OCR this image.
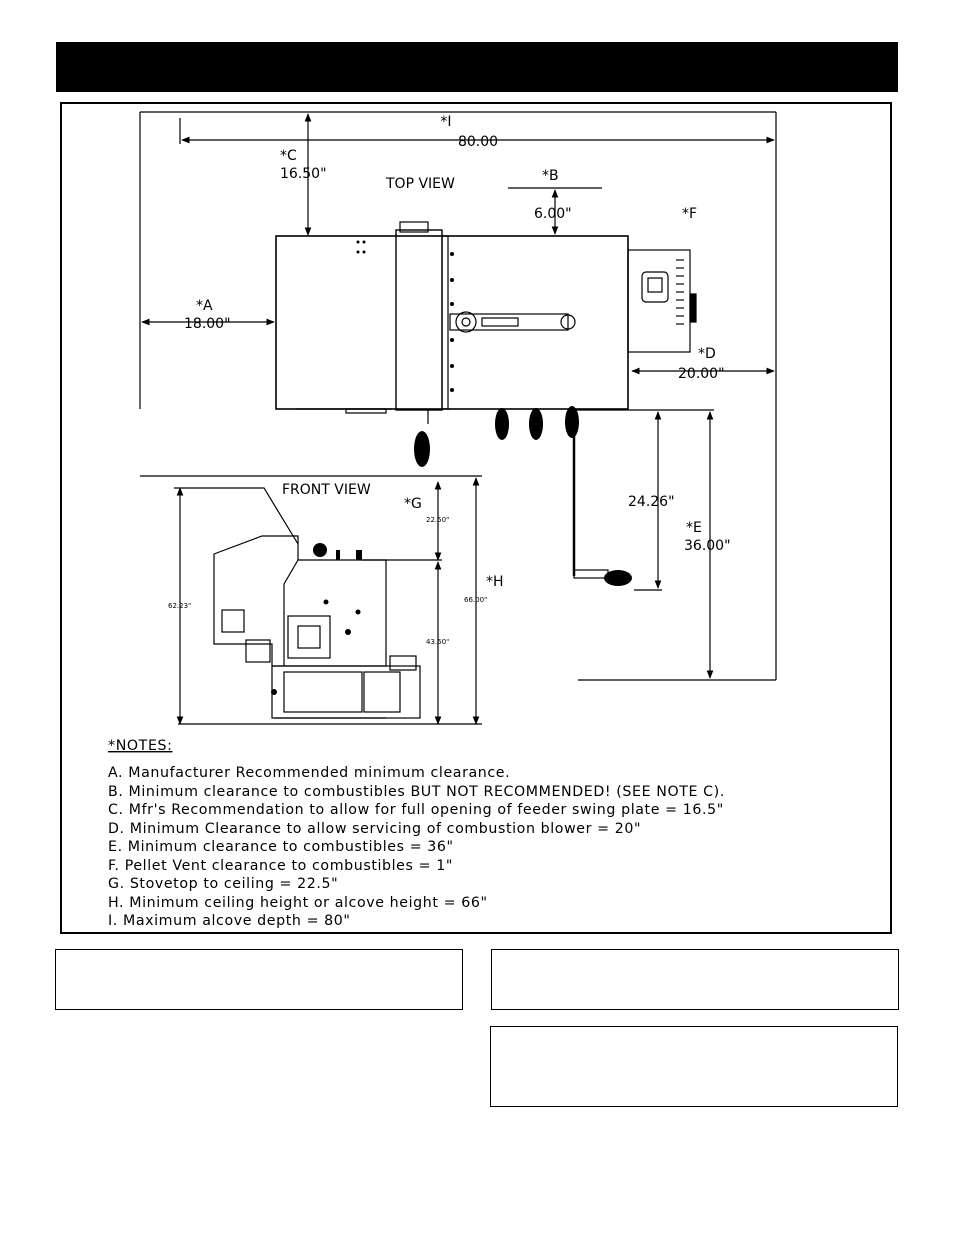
*I
80.00
*C
16.50"
TOP VIEW	*B
6.00"	*F
*A
18.00"
*D
20.00"
24.26"
*E
36.00"
FRONT VIEW
*G
*H
22.50"
66.00"
62.23"
43.50"
*NOTES:
A. Manufacturer Recommended minimum clearance.
B. Minimum clearance to combustibles BUT NOT RECOMMENDED! (SEE NOTE C).
C. Mfr's Recommendation to allow for full opening of feeder swing plate = 16.5"
D. Minimum Clearance to allow servicing of combustion blower = 20"
E. Minimum clearance to combustibles = 36"
F. Pellet Vent clearance to combustibles = 1"
G. Stovetop to ceiling = 22.5"
H. Minimum ceiling height or alcove height = 66"
I. Maximum alcove depth = 80"
